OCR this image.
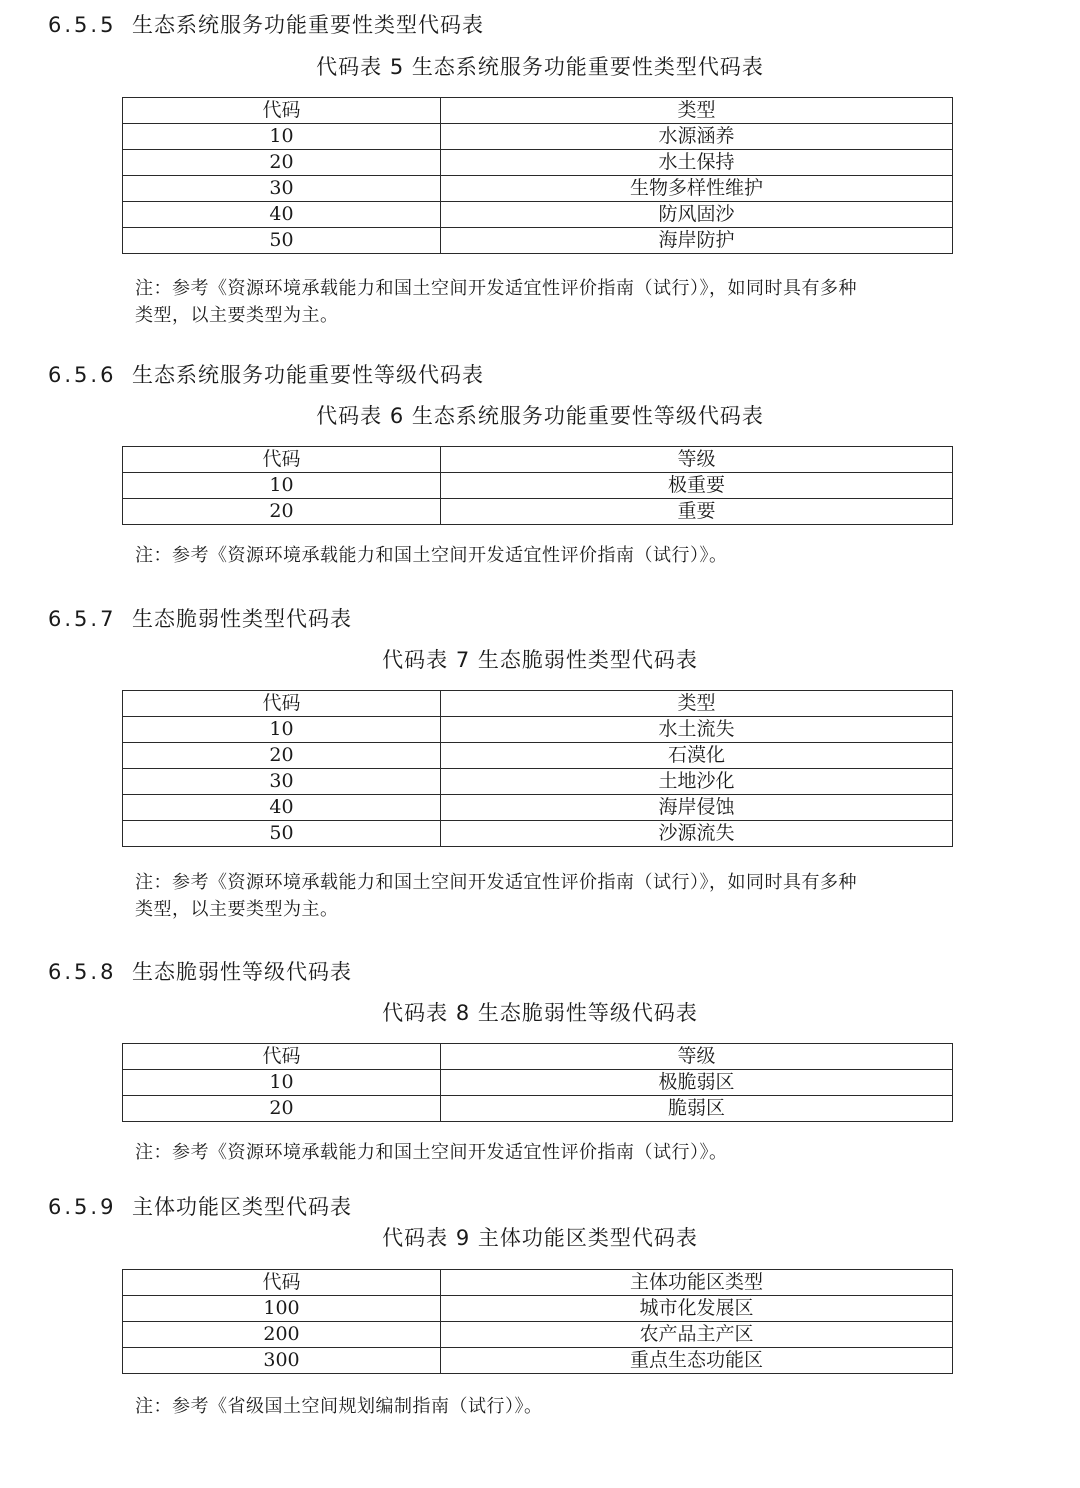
6.5.5 生态系统服务功能重要性类型代码表
代码表 5 生态系统服务功能重要性类型代码表
代码	类型
10	水源涵养
20	水土保持
30	生物多样性维护
40	防风固沙
50	海岸防护
注：参考《资源环境承载能力和国土空间开发适宜性评价指南（试行）》，如同时具有多种
类型，以主要类型为主。
6.5.6 生态系统服务功能重要性等级代码表
代码表 6 生态系统服务功能重要性等级代码表
代码	等级
10	极重要
20	重要
注：参考《资源环境承载能力和国土空间开发适宜性评价指南（试行）》。
6.5.7 生态脆弱性类型代码表
代码表 7 生态脆弱性类型代码表
代码	类型
10	水土流失
20	石漠化
30	土地沙化
40	海岸侵蚀
50	沙源流失
注：参考《资源环境承载能力和国土空间开发适宜性评价指南（试行）》，如同时具有多种
类型，以主要类型为主。
6.5.8 生态脆弱性等级代码表
代码表 8 生态脆弱性等级代码表
代码	等级
10	极脆弱区
20	脆弱区
注：参考《资源环境承载能力和国土空间开发适宜性评价指南（试行）》。
6.5.9 主体功能区类型代码表
代码表 9 主体功能区类型代码表
代码	主体功能区类型
100	城市化发展区
200	农产品主产区
300	重点生态功能区
注：参考《省级国土空间规划编制指南（试行）》。
